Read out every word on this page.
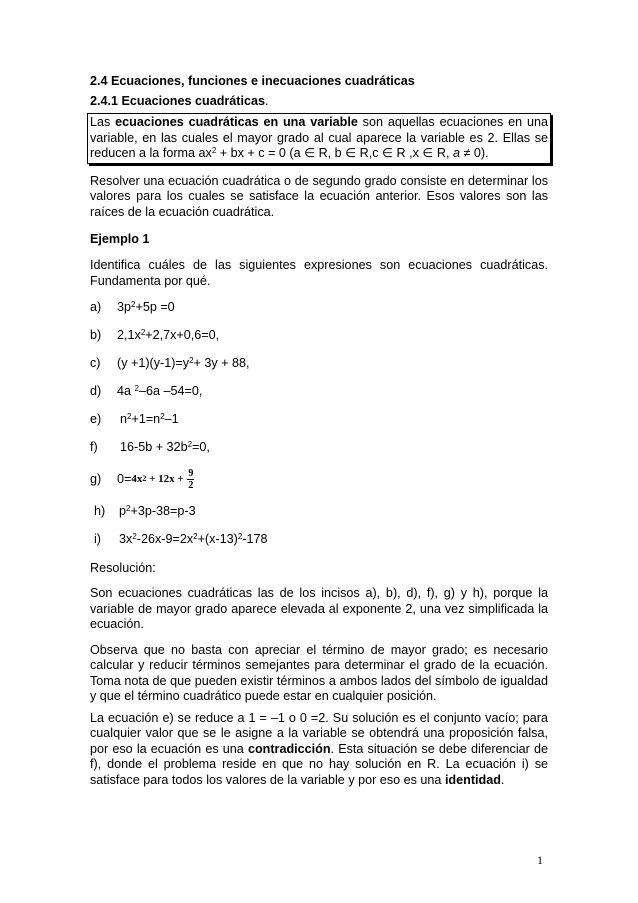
2.4 Ecuaciones, funciones e inecuaciones cuadráticas
2.4.1 Ecuaciones cuadráticas.
Las ecuaciones cuadráticas en una variable son aquellas ecuaciones en una variable, en las cuales el mayor grado al cual aparece la variable es 2. Ellas se reducen a la forma $ax^2$ + bx + c = 0 (a ∈ R, b ∈ R,c ∈ R ,x ∈ R, a ≠ 0).
Resolver una ecuación cuadrática o de segundo grado consiste en determinar los valores para los cuales se satisface la ecuación anterior. Esos valores son las raíces de la ecuación cuadrática.
Ejemplo 1
Identifica cuáles de las siguientes expresiones son ecuaciones cuadráticas. Fundamenta por qué.
a)	$3p^2+5p =0$
b)	$2,1x^2+2,7x+0,6=0$,
c)	$(y +1)(y-1)=y^2+ 3y + 88$,
d)	4a $^2$–6a –54=0,
e)	$n^2+1=n^2-1$
f)	$16-5b + 32b^2=0$,
g)	0= 4x $2 + 12x + \frac{9}{2}$
h)	$p^2+3p-38=p-3$
i)	$3x^2-26x-9=2x^2+(x-13)^2-178$
Resolución:
Son ecuaciones cuadráticas las de los incisos a), b), d), f), g) y h), porque la variable de mayor grado aparece elevada al exponente 2, una vez simplificada la ecuación.
Observa que no basta con apreciar el término de mayor grado; es necesario calcular y reducir términos semejantes para determinar el grado de la ecuación. Toma nota de que pueden existir términos a ambos lados del símbolo de igualdad y que el término cuadrático puede estar en cualquier posición.
La ecuación e) se reduce a 1 = –1 o 0 =2. Su solución es el conjunto vacío; para cualquier valor que se le asigne a la variable se obtendrá una proposición falsa, por eso la ecuación es una contradicción. Esta situación se debe diferenciar de f), donde el problema reside en que no hay solución en R. La ecuación i) se satisface para todos los valores de la variable y por eso es una identidad.
1
